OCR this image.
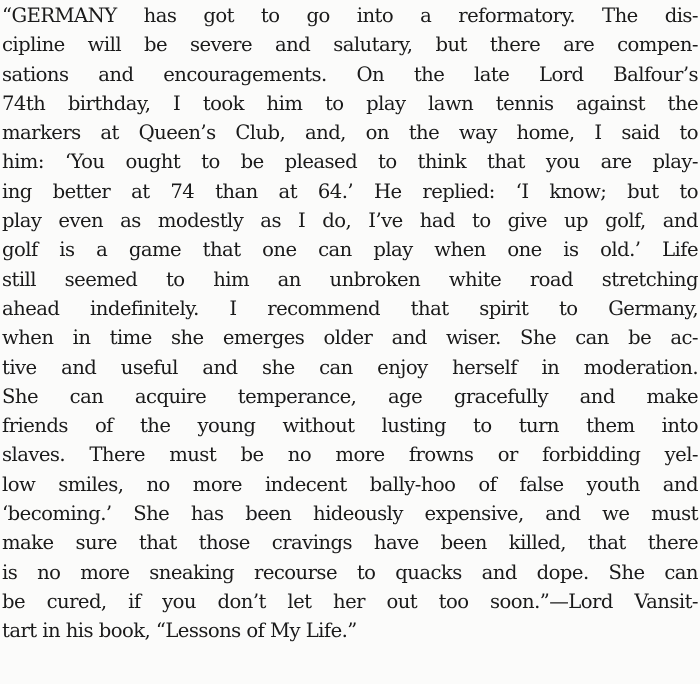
“GERMANY has got to go into a reformatory. The dis-
cipline will be severe and salutary, but there are compen-
sations and encouragements. On the late Lord Balfour’s
74th birthday, I took him to play lawn tennis against the
markers at Queen’s Club, and, on the way home, I said to
him: ‘You ought to be pleased to think that you are play-
ing better at 74 than at 64.’ He replied: ‘I know; but to
play even as modestly as I do, I’ve had to give up golf, and
golf is a game that one can play when one is old.’ Life
still seemed to him an unbroken white road stretching
ahead indefinitely. I recommend that spirit to Germany,
when in time she emerges older and wiser. She can be ac-
tive and useful and she can enjoy herself in moderation.
She can acquire temperance, age gracefully and make
friends of the young without lusting to turn them into
slaves. There must be no more frowns or forbidding yel-
low smiles, no more indecent bally-hoo of false youth and
‘becoming.’ She has been hideously expensive, and we must
make sure that those cravings have been killed, that there
is no more sneaking recourse to quacks and dope. She can
be cured, if you don’t let her out too soon.”—Lord Vansit-
tart in his book, “Lessons of My Life.”
